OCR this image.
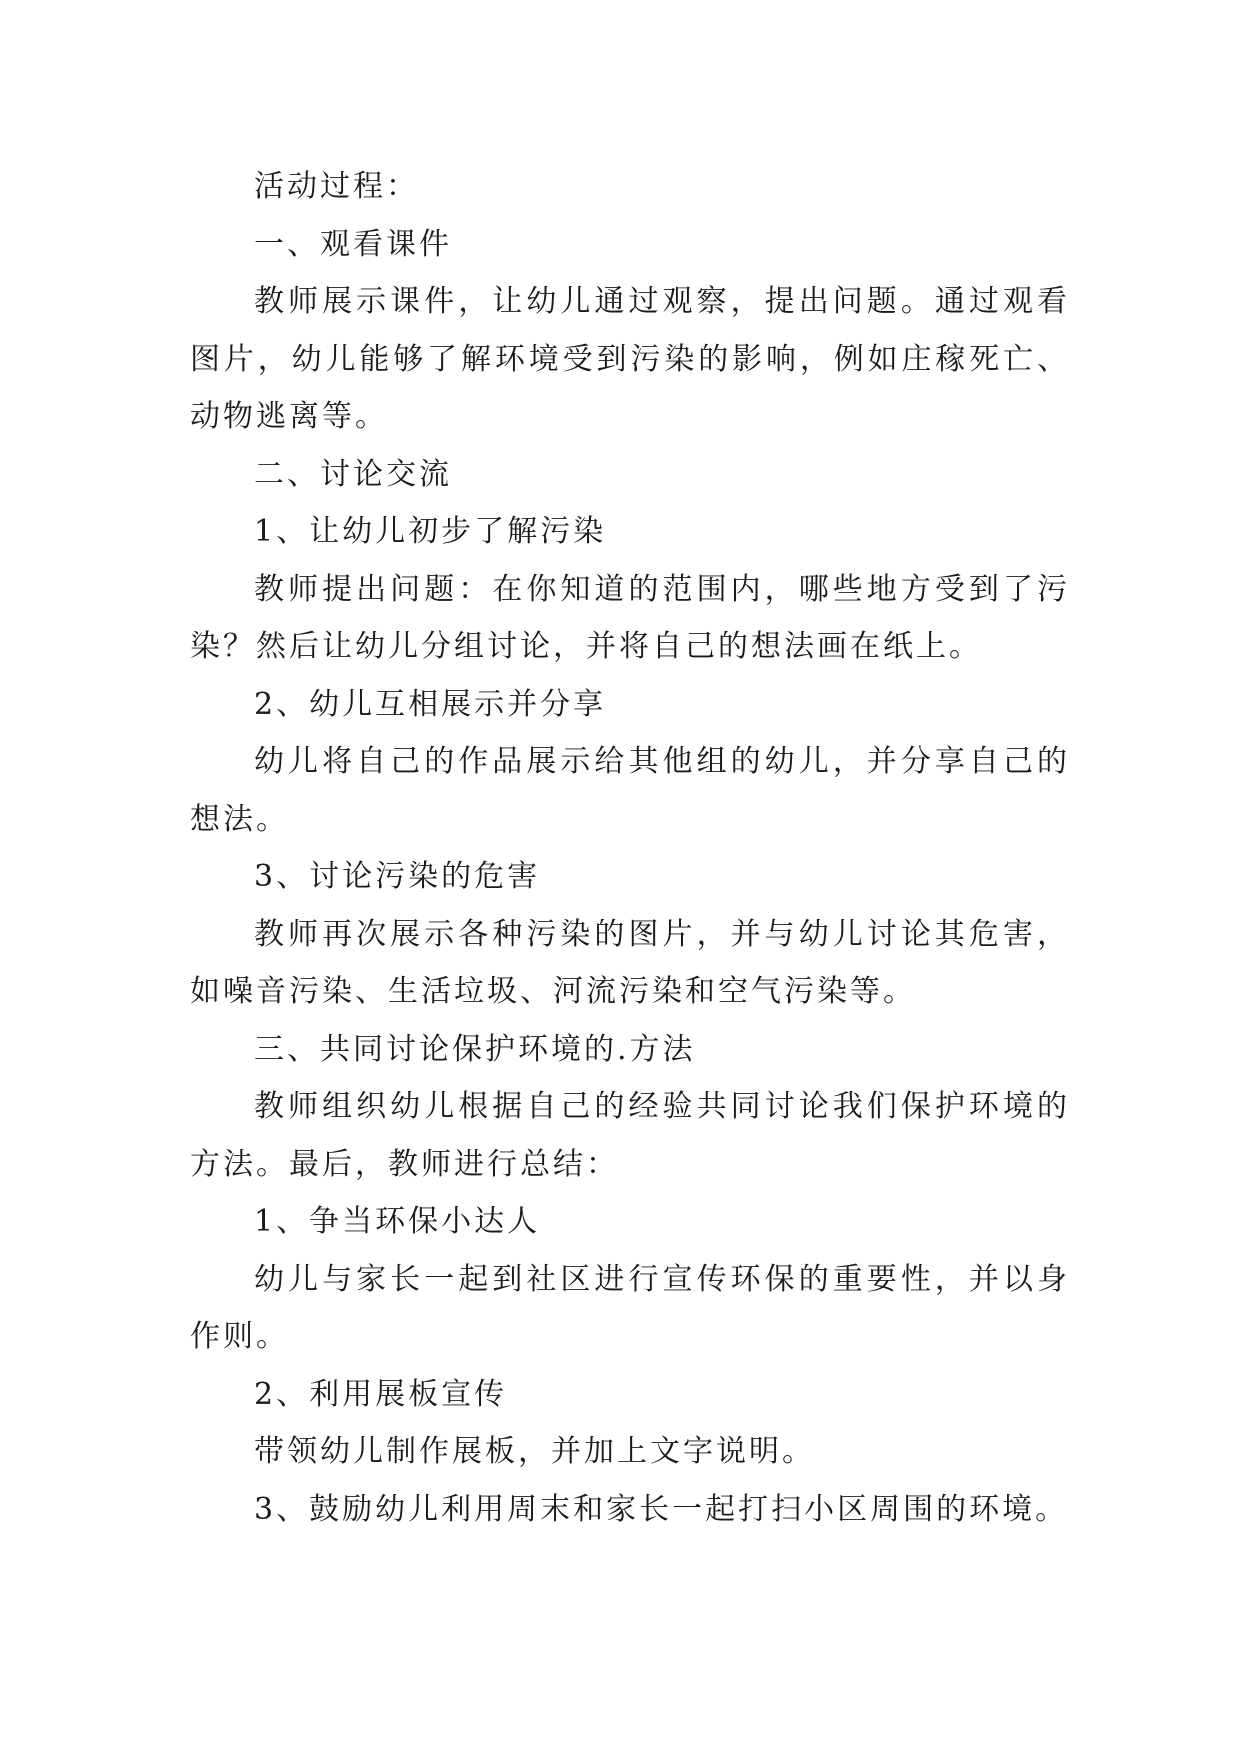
活动过程：

一、观看课件

教师展示课件，让幼儿通过观察，提出问题。通过观看图片，幼儿能够了解环境受到污染的影响，例如庄稼死亡、动物逃离等。

二、讨论交流

1、让幼儿初步了解污染

教师提出问题：在你知道的范围内，哪些地方受到了污染？然后让幼儿分组讨论，并将自己的想法画在纸上。

2、幼儿互相展示并分享

幼儿将自己的作品展示给其他组的幼儿，并分享自己的想法。

3、讨论污染的危害

教师再次展示各种污染的图片，并与幼儿讨论其危害，如噪音污染、生活垃圾、河流污染和空气污染等。

三、共同讨论保护环境的.方法

教师组织幼儿根据自己的经验共同讨论我们保护环境的方法。最后，教师进行总结：

1、争当环保小达人

幼儿与家长一起到社区进行宣传环保的重要性，并以身作则。

2、利用展板宣传

带领幼儿制作展板，并加上文字说明。

3、鼓励幼儿利用周末和家长一起打扫小区周围的环境。
